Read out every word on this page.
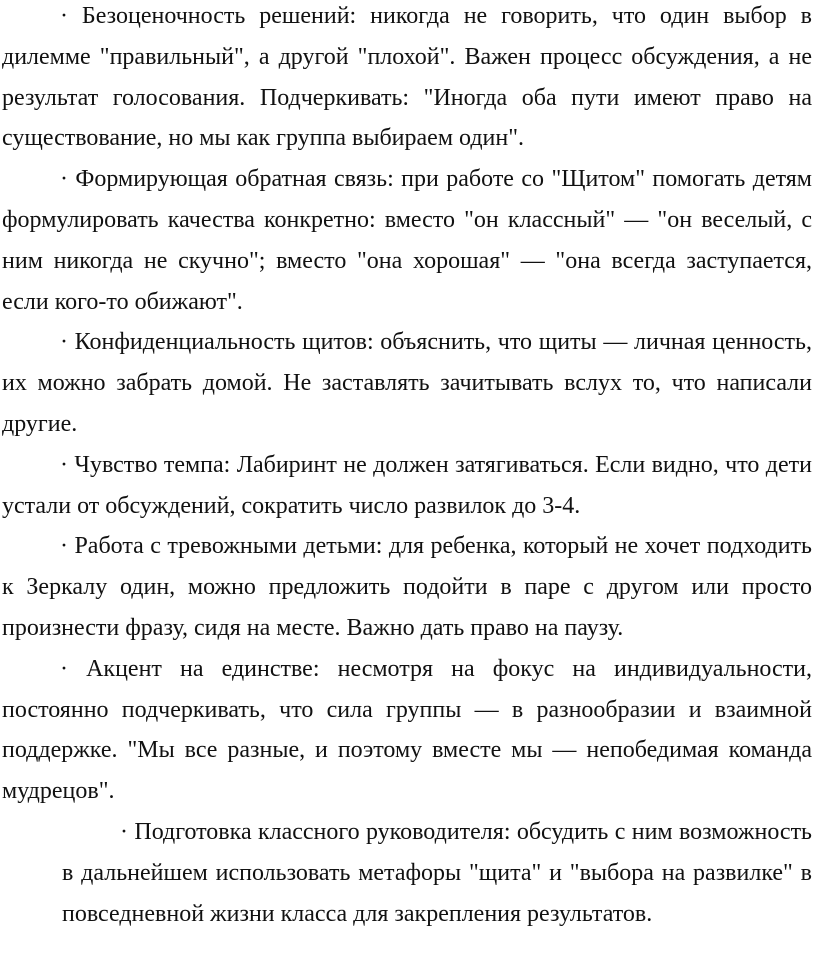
· Безоценочность решений: никогда не говорить, что один выбор в дилемме "правильный", а другой "плохой". Важен процесс обсуждения, а не результат голосования. Подчеркивать: "Иногда оба пути имеют право на существование, но мы как группа выбираем один".

· Формирующая обратная связь: при работе со "Щитом" помогать детям формулировать качества конкретно: вместо "он классный" — "он веселый, с ним никогда не скучно"; вместо "она хорошая" — "она всегда заступается, если кого-то обижают".

· Конфиденциальность щитов: объяснить, что щиты — личная ценность, их можно забрать домой. Не заставлять зачитывать вслух то, что написали другие.

· Чувство темпа: Лабиринт не должен затягиваться. Если видно, что дети устали от обсуждений, сократить число развилок до 3-4.

· Работа с тревожными детьми: для ребенка, который не хочет подходить к Зеркалу один, можно предложить подойти в паре с другом или просто произнести фразу, сидя на месте. Важно дать право на паузу.

· Акцент на единстве: несмотря на фокус на индивидуальности, постоянно подчеркивать, что сила группы — в разнообразии и взаимной поддержке. "Мы все разные, и поэтому вместе мы — непобедимая команда мудрецов".

· Подготовка классного руководителя: обсудить с ним возможность в дальнейшем использовать метафоры "щита" и "выбора на развилке" в повседневной жизни класса для закрепления результатов.
